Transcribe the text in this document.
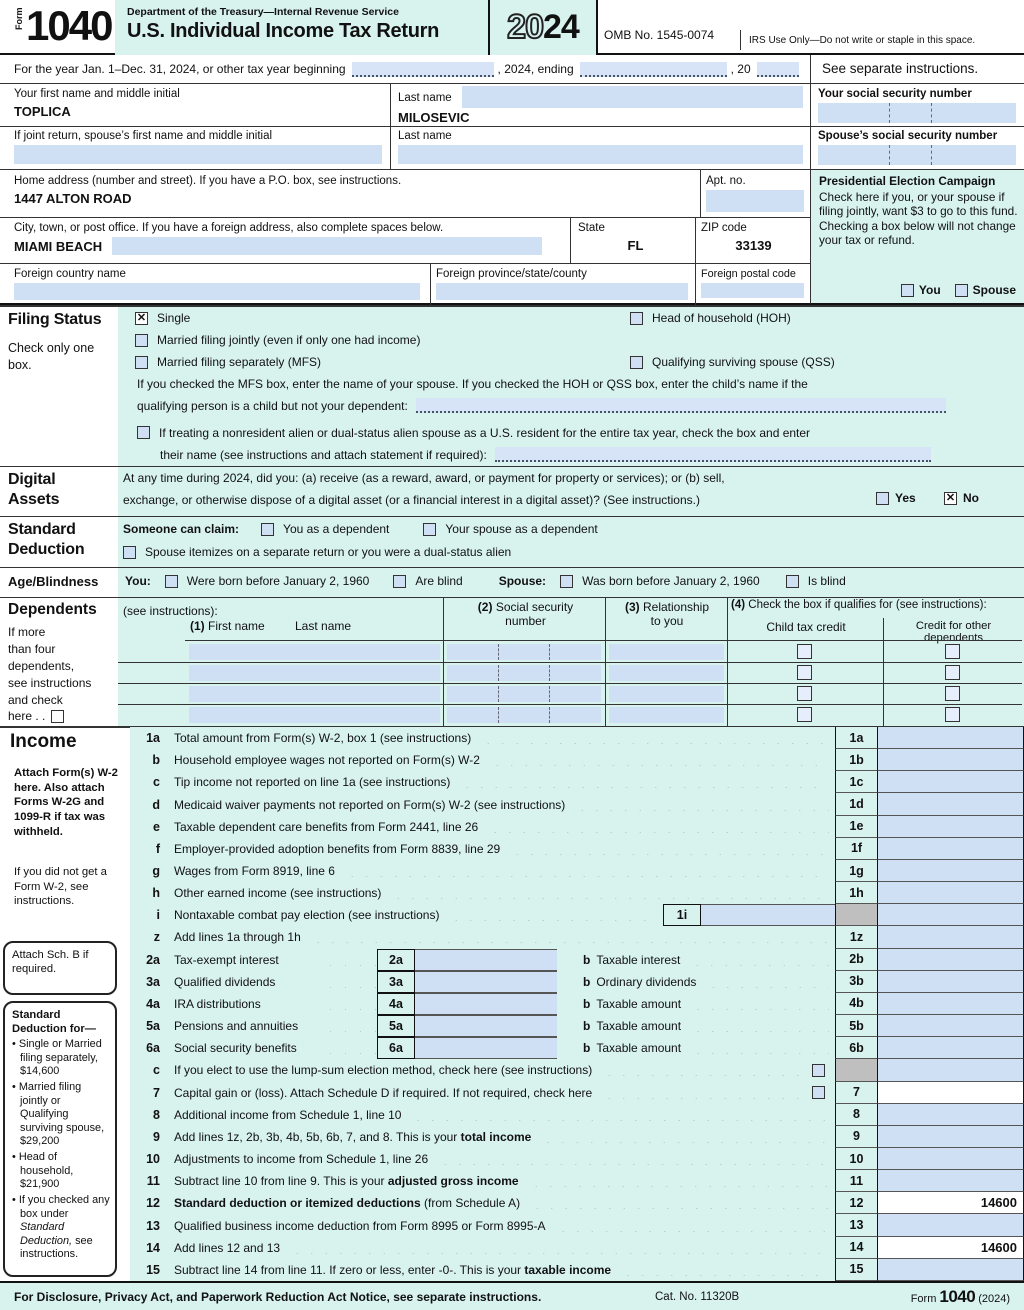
Form 1040 Department of the Treasury—Internal Revenue Service
U.S. Individual Income Tax Return	20 24 OMB No. 1545-0074	IRS Use Only—Do not write or staple in this space.
For the year Jan. 1–Dec. 31, 2024, or other tax year beginning	, 2024, ending	, 20	See separate instructions.
Your first name and middle initial
TOPLICA
Last name
MILOSEVIC
Your social security number
If joint return, spouse’s first name and middle initial	Last name	Spouse’s social security number
Home address (number and street). If you have a P.O. box, see instructions.
1447 ALTON ROAD
Apt. no.
City, town, or post office. If you have a foreign address, also complete spaces below.
MIAMI BEACH
State
FL
ZIP code
33139
Foreign country name	Foreign province/state/county	Foreign postal code
Presidential Election Campaign
Check here if you, or your spouse if filing jointly, want $3 to go to this fund. Checking a box below will not change your tax or refund.
You	Spouse
Filing Status
Check only one box.
✕
Single	Head of household (HOH)
Married filing jointly (even if only one had income)
Married filing separately (MFS)	Qualifying surviving spouse (QSS)
If you checked the MFS box, enter the name of your spouse. If you checked the HOH or QSS box, enter the child’s name if the
qualifying person is a child but not your dependent:
If treating a nonresident alien or dual-status alien spouse as a U.S. resident for the entire tax year, check the box and enter
their name (see instructions and attach statement if required):
Digital
Assets
At any time during 2024, did you: (a) receive (as a reward, award, or payment for property or services); or (b) sell,
exchange, or otherwise dispose of a digital asset (or a financial interest in a digital asset)? (See instructions.)	Yes ✕	No
Standard
Deduction
Someone can claim:	You as a dependent	Your spouse as a dependent
Spouse itemizes on a separate return or you were a dual-status alien
Age/Blindness You:	Were born before January 2, 1960	Are blind	Spouse:	Was born before January 2, 1960	Is blind
Dependents (see instructions):
If more
than four
dependents,
see instructions
and check
here . .
(1) First name	Last name
(2) Social security
number
(3) Relationship
to you
(4) Check the box if qualifies for (see instructions):
Child tax credit	Credit for other dependents
Income
Attach Form(s) W-2 here. Also attach Forms W-2G and 1099-R if tax was withheld.
If you did not get a Form W-2, see instructions.
Attach Sch. B if required.
Standard Deduction for—
• Single or Married filing separately, $14,600
• Married filing jointly or Qualifying surviving spouse, $29,200
• Head of household, $21,900
• If you checked any box under Standard Deduction, see instructions.
1a Total amount from Form(s) W-2, box 1 (see instructions)	1a
b Household employee wages not reported on Form(s) W-2	1b
c Tip income not reported on line 1a (see instructions)	1c
d Medicaid waiver payments not reported on Form(s) W-2 (see instructions)	1d
e Taxable dependent care benefits from Form 2441, line 26	1e
f Employer-provided adoption benefits from Form 8839, line 29	1f
g Wages from Form 8919, line 6	1g
h Other earned income (see instructions)	1h
i Nontaxable combat pay election (see instructions)	1i
z Add lines 1a through 1h	1z
2a Tax-exempt interest	2a	b Taxable interest	2b
3a Qualified dividends	3a	b Ordinary dividends	3b
4a IRA distributions	4a	b Taxable amount	4b
5a Pensions and annuities	5a	b Taxable amount	5b
6a Social security benefits	6a	b Taxable amount	6b
c If you elect to use the lump-sum election method, check here (see instructions)
7 Capital gain or (loss). Attach Schedule D if required. If not required, check here	7
8 Additional income from Schedule 1, line 10	8
9 Add lines 1z, 2b, 3b, 4b, 5b, 6b, 7, and 8. This is your total income	9
10 Adjustments to income from Schedule 1, line 26	10
11 Subtract line 10 from line 9. This is your adjusted gross income	11
12 Standard deduction or itemized deductions (from Schedule A)	12	14600
13 Qualified business income deduction from Form 8995 or Form 8995-A	13
14 Add lines 12 and 13	14	14600
15 Subtract line 14 from line 11. If zero or less, enter -0-. This is your taxable income	15
For Disclosure, Privacy Act, and Paperwork Reduction Act Notice, see separate instructions.	Cat. No. 11320B	Form 1040 (2024)
